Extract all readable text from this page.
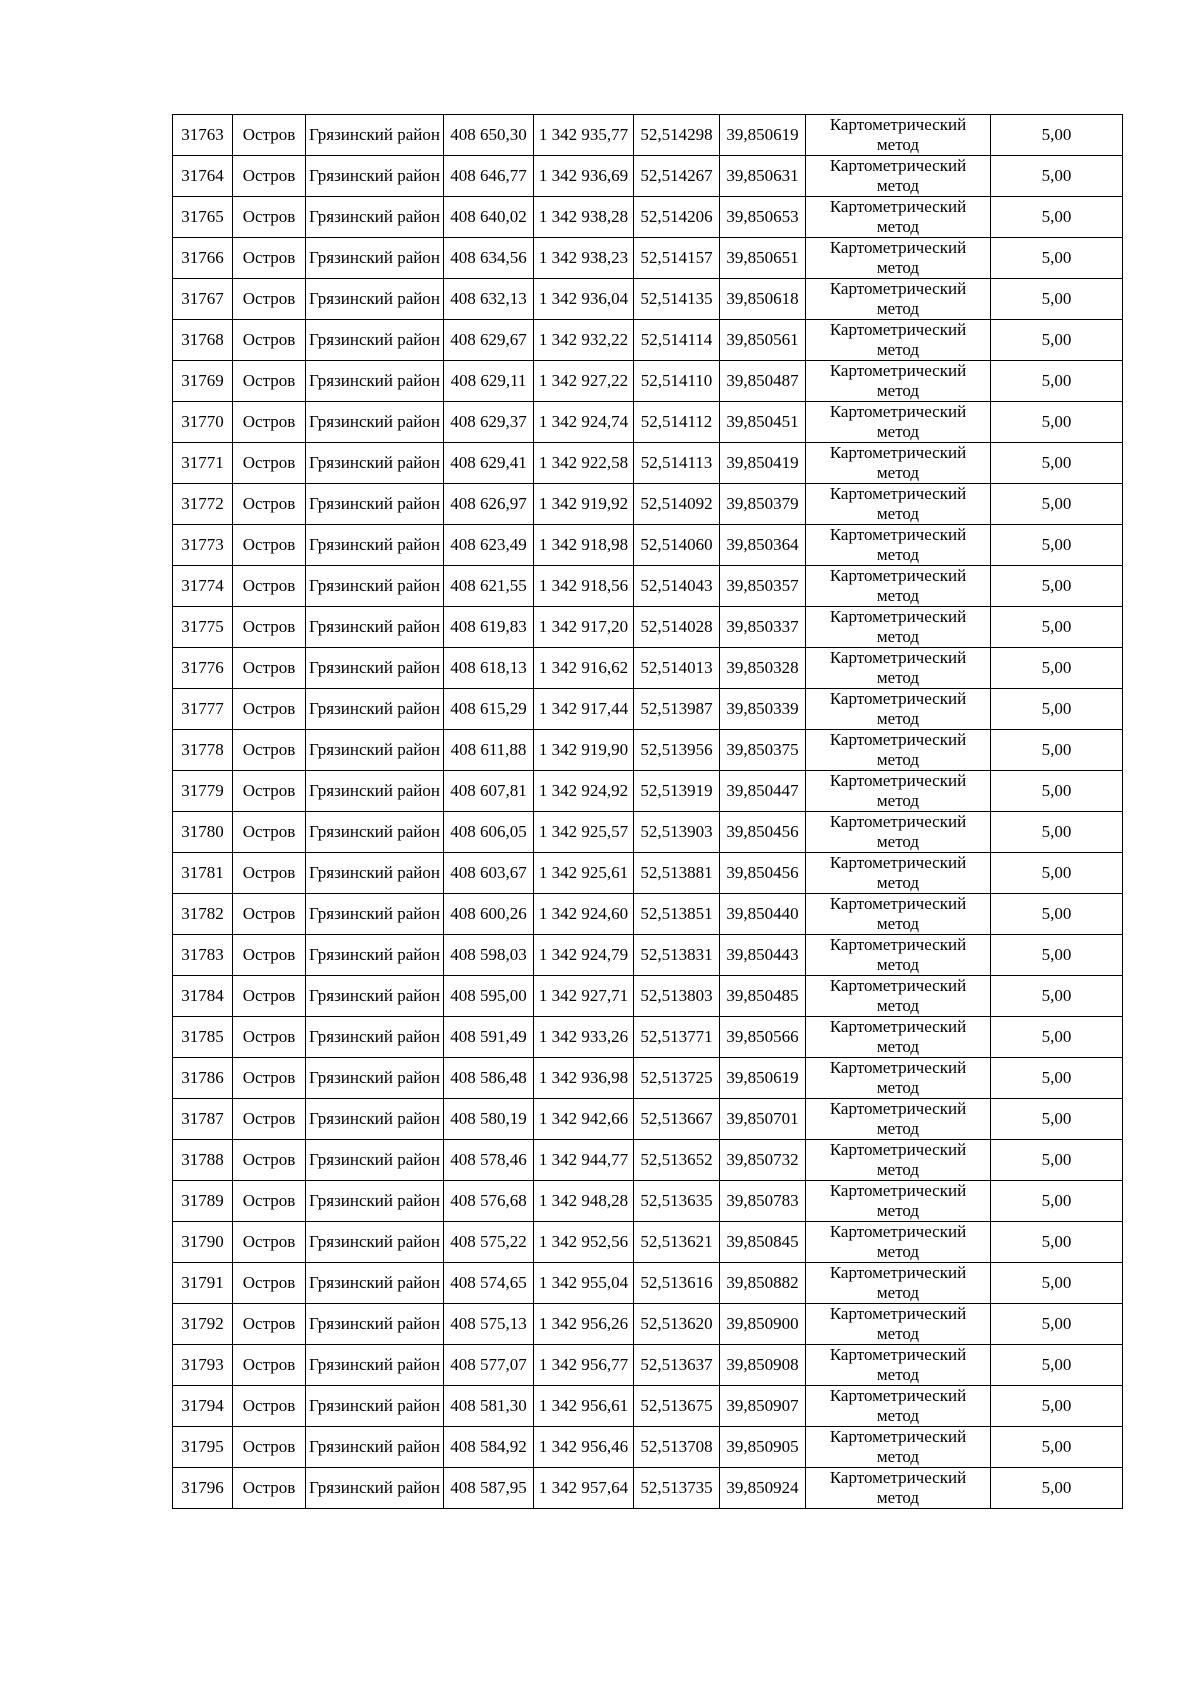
31763	Остров	Грязинский район	408 650,30	1 342 935,77	52,514298	39,850619	Картометрический метод	5,00
31764	Остров	Грязинский район	408 646,77	1 342 936,69	52,514267	39,850631	Картометрический метод	5,00
31765	Остров	Грязинский район	408 640,02	1 342 938,28	52,514206	39,850653	Картометрический метод	5,00
31766	Остров	Грязинский район	408 634,56	1 342 938,23	52,514157	39,850651	Картометрический метод	5,00
31767	Остров	Грязинский район	408 632,13	1 342 936,04	52,514135	39,850618	Картометрический метод	5,00
31768	Остров	Грязинский район	408 629,67	1 342 932,22	52,514114	39,850561	Картометрический метод	5,00
31769	Остров	Грязинский район	408 629,11	1 342 927,22	52,514110	39,850487	Картометрический метод	5,00
31770	Остров	Грязинский район	408 629,37	1 342 924,74	52,514112	39,850451	Картометрический метод	5,00
31771	Остров	Грязинский район	408 629,41	1 342 922,58	52,514113	39,850419	Картометрический метод	5,00
31772	Остров	Грязинский район	408 626,97	1 342 919,92	52,514092	39,850379	Картометрический метод	5,00
31773	Остров	Грязинский район	408 623,49	1 342 918,98	52,514060	39,850364	Картометрический метод	5,00
31774	Остров	Грязинский район	408 621,55	1 342 918,56	52,514043	39,850357	Картометрический метод	5,00
31775	Остров	Грязинский район	408 619,83	1 342 917,20	52,514028	39,850337	Картометрический метод	5,00
31776	Остров	Грязинский район	408 618,13	1 342 916,62	52,514013	39,850328	Картометрический метод	5,00
31777	Остров	Грязинский район	408 615,29	1 342 917,44	52,513987	39,850339	Картометрический метод	5,00
31778	Остров	Грязинский район	408 611,88	1 342 919,90	52,513956	39,850375	Картометрический метод	5,00
31779	Остров	Грязинский район	408 607,81	1 342 924,92	52,513919	39,850447	Картометрический метод	5,00
31780	Остров	Грязинский район	408 606,05	1 342 925,57	52,513903	39,850456	Картометрический метод	5,00
31781	Остров	Грязинский район	408 603,67	1 342 925,61	52,513881	39,850456	Картометрический метод	5,00
31782	Остров	Грязинский район	408 600,26	1 342 924,60	52,513851	39,850440	Картометрический метод	5,00
31783	Остров	Грязинский район	408 598,03	1 342 924,79	52,513831	39,850443	Картометрический метод	5,00
31784	Остров	Грязинский район	408 595,00	1 342 927,71	52,513803	39,850485	Картометрический метод	5,00
31785	Остров	Грязинский район	408 591,49	1 342 933,26	52,513771	39,850566	Картометрический метод	5,00
31786	Остров	Грязинский район	408 586,48	1 342 936,98	52,513725	39,850619	Картометрический метод	5,00
31787	Остров	Грязинский район	408 580,19	1 342 942,66	52,513667	39,850701	Картометрический метод	5,00
31788	Остров	Грязинский район	408 578,46	1 342 944,77	52,513652	39,850732	Картометрический метод	5,00
31789	Остров	Грязинский район	408 576,68	1 342 948,28	52,513635	39,850783	Картометрический метод	5,00
31790	Остров	Грязинский район	408 575,22	1 342 952,56	52,513621	39,850845	Картометрический метод	5,00
31791	Остров	Грязинский район	408 574,65	1 342 955,04	52,513616	39,850882	Картометрический метод	5,00
31792	Остров	Грязинский район	408 575,13	1 342 956,26	52,513620	39,850900	Картометрический метод	5,00
31793	Остров	Грязинский район	408 577,07	1 342 956,77	52,513637	39,850908	Картометрический метод	5,00
31794	Остров	Грязинский район	408 581,30	1 342 956,61	52,513675	39,850907	Картометрический метод	5,00
31795	Остров	Грязинский район	408 584,92	1 342 956,46	52,513708	39,850905	Картометрический метод	5,00
31796	Остров	Грязинский район	408 587,95	1 342 957,64	52,513735	39,850924	Картометрический метод	5,00
